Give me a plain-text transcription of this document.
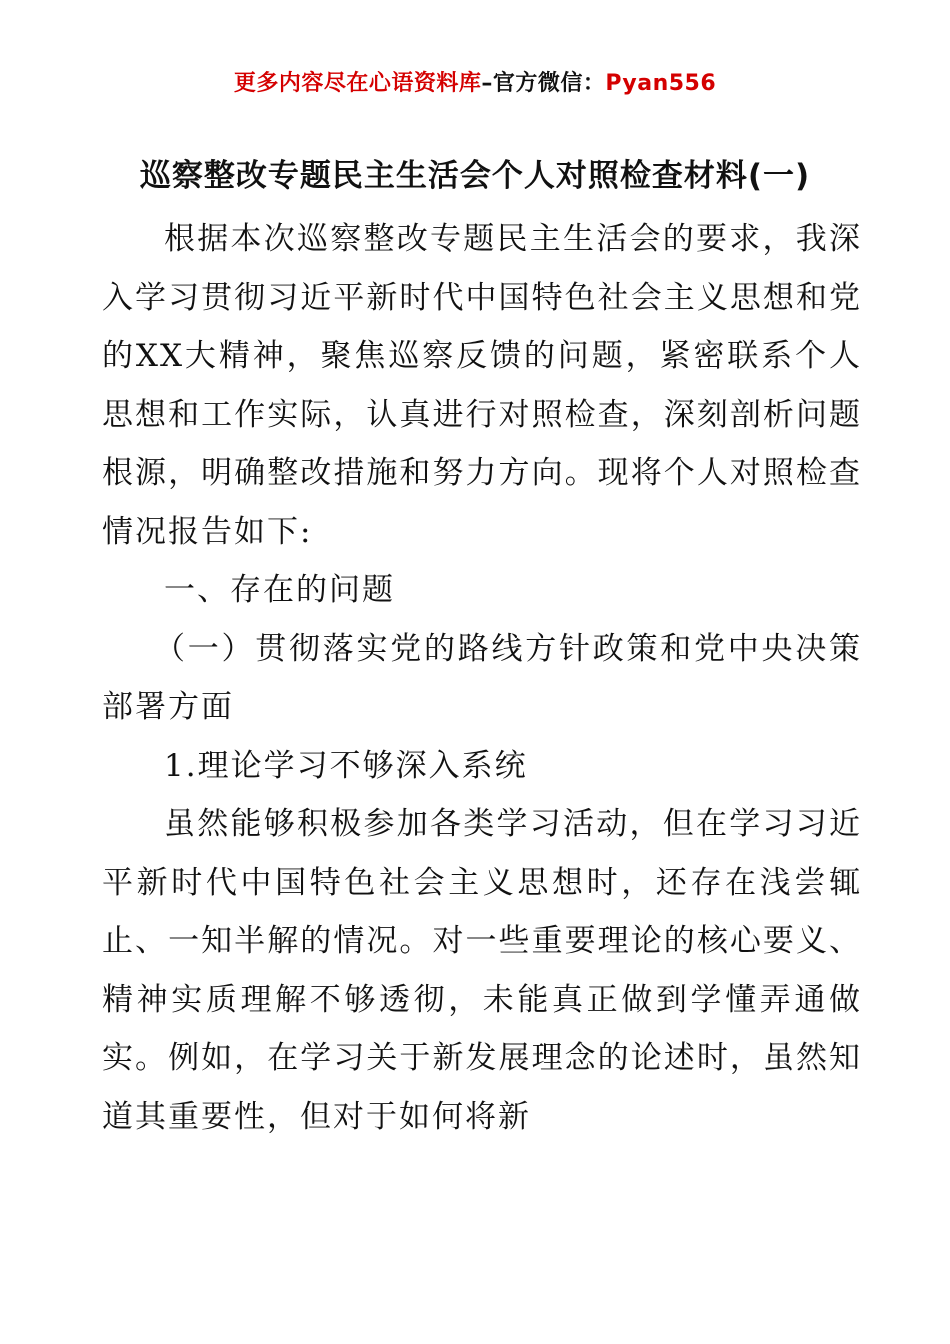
更多内容尽在心语资料库–官方微信：Pyan556
巡察整改专题民主生活会个人对照检查材料(一)

根据本次巡察整改专题民主生活会的要求，我深入学习贯彻习近平新时代中国特色社会主义思想和党的XX大精神，聚焦巡察反馈的问题，紧密联系个人思想和工作实际，认真进行对照检查，深刻剖析问题根源，明确整改措施和努力方向。现将个人对照检查情况报告如下:

一、存在的问题

（一）贯彻落实党的路线方针政策和党中央决策部署方面

1.理论学习不够深入系统

虽然能够积极参加各类学习活动，但在学习习近平新时代中国特色社会主义思想时，还存在浅尝辄止、一知半解的情况。对一些重要理论的核心要义、精神实质理解不够透彻，未能真正做到学懂弄通做实。例如，在学习关于新发展理念的论述时，虽然知道其重要性，但对于如何将新
